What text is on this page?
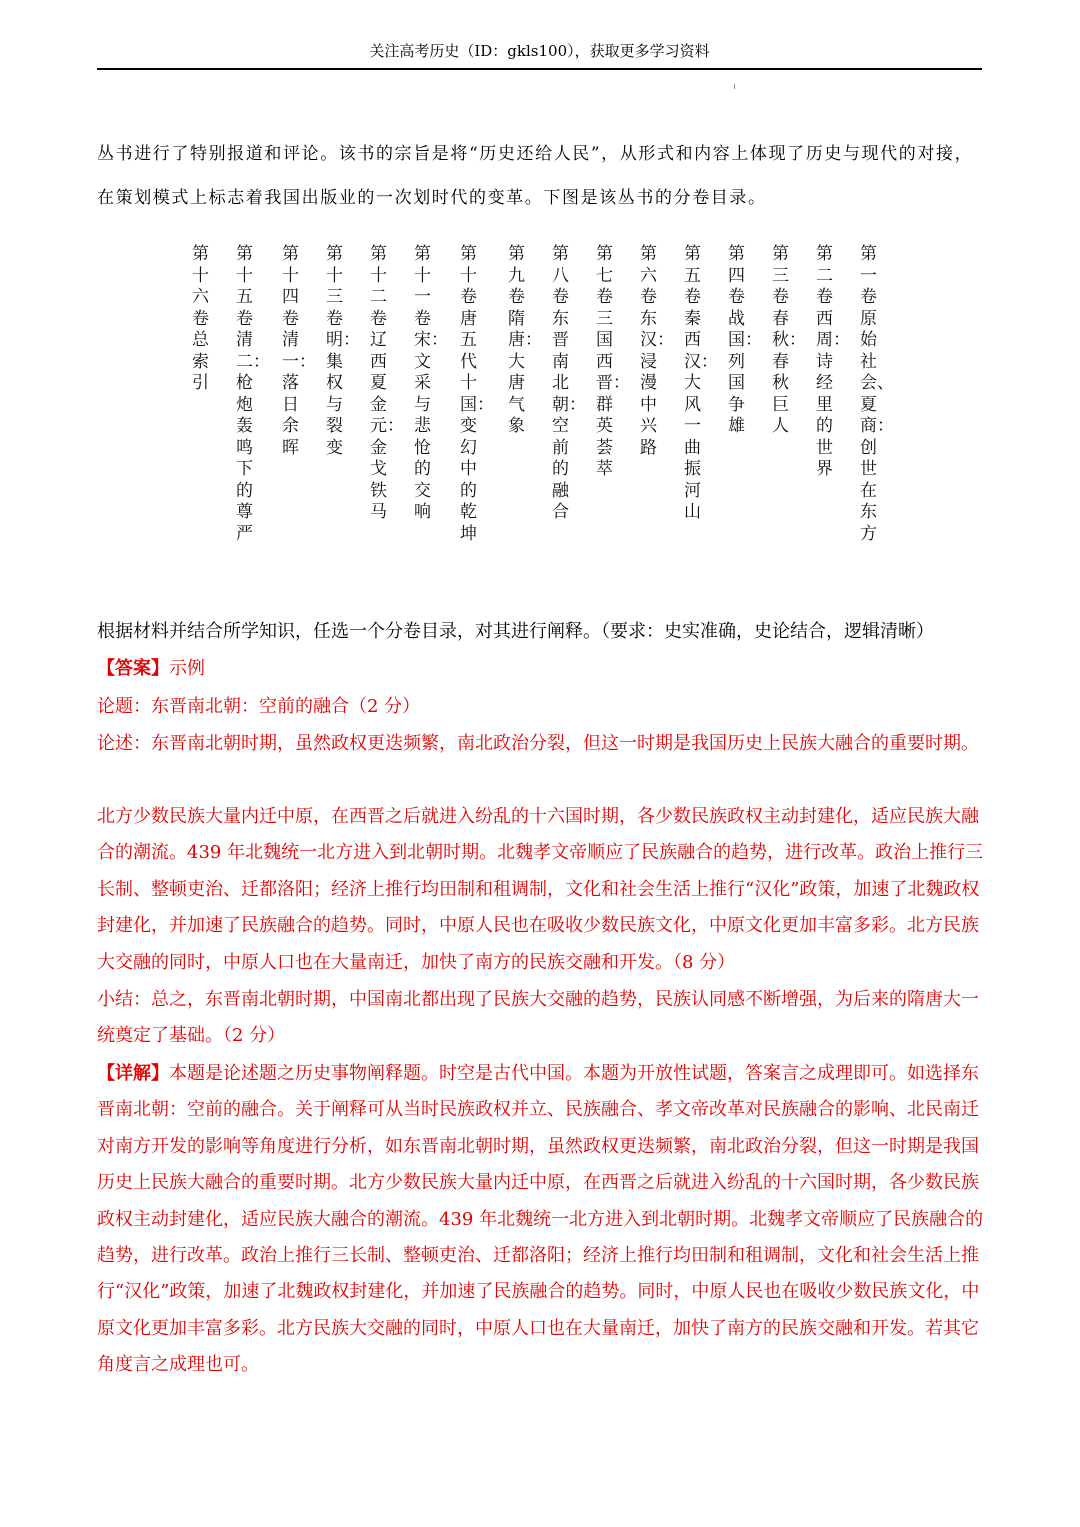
关注高考历史（ID：gkls100），获取更多学习资料
丛书进行了特别报道和评论。该书的宗旨是将“历史还给人民”，从形式和内容上体现了历史与现代的对接，在策划模式上标志着我国出版业的一次划时代的变革。下图是该丛书的分卷目录。
第一卷 原始社会、夏商：创世在东方
第二卷 西周：诗经里的世界
第三卷 春秋：春秋巨人
第四卷 战国：列国争雄
第五卷 秦西汉：大风一曲振河山
第六卷 东汉：浸漫中兴路
第七卷 三国西晋：群英荟萃
第八卷 东晋南北朝：空前的融合
第九卷 隋唐：大唐气象
第十卷 唐五代十国：变幻中的乾坤
第十一卷 宋：文采与悲怆的交响
第十二卷 辽西夏金元：金戈铁马
第十三卷 明：集权与裂变
第十四卷 清一：落日余晖
第十五卷 清二：枪炮轰鸣下的尊严
第十六卷 总索引
根据材料并结合所学知识，任选一个分卷目录，对其进行阐释。（要求：史实准确，史论结合，逻辑清晰）
【答案】示例
论题：东晋南北朝：空前的融合（2 分）
论述：东晋南北朝时期，虽然政权更迭频繁，南北政治分裂，但这一时期是我国历史上民族大融合的重要时期。
北方少数民族大量内迁中原，在西晋之后就进入纷乱的十六国时期，各少数民族政权主动封建化，适应民族大融合的潮流。439 年北魏统一北方进入到北朝时期。北魏孝文帝顺应了民族融合的趋势，进行改革。政治上推行三长制、整顿吏治、迁都洛阳；经济上推行均田制和租调制，文化和社会生活上推行“汉化”政策，加速了北魏政权封建化，并加速了民族融合的趋势。同时，中原人民也在吸收少数民族文化，中原文化更加丰富多彩。北方民族大交融的同时，中原人口也在大量南迁，加快了南方的民族交融和开发。（8 分）
小结：总之，东晋南北朝时期，中国南北都出现了民族大交融的趋势，民族认同感不断增强，为后来的隋唐大一统奠定了基础。（2 分）
【详解】本题是论述题之历史事物阐释题。时空是古代中国。本题为开放性试题，答案言之成理即可。如选择东晋南北朝：空前的融合。关于阐释可从当时民族政权并立、民族融合、孝文帝改革对民族融合的影响、北民南迁对南方开发的影响等角度进行分析，如东晋南北朝时期，虽然政权更迭频繁，南北政治分裂，但这一时期是我国历史上民族大融合的重要时期。北方少数民族大量内迁中原，在西晋之后就进入纷乱的十六国时期，各少数民族政权主动封建化，适应民族大融合的潮流。439 年北魏统一北方进入到北朝时期。北魏孝文帝顺应了民族融合的趋势，进行改革。政治上推行三长制、整顿吏治、迁都洛阳；经济上推行均田制和租调制，文化和社会生活上推行“汉化”政策，加速了北魏政权封建化，并加速了民族融合的趋势。同时，中原人民也在吸收少数民族文化，中原文化更加丰富多彩。北方民族大交融的同时，中原人口也在大量南迁，加快了南方的民族交融和开发。若其它角度言之成理也可。
